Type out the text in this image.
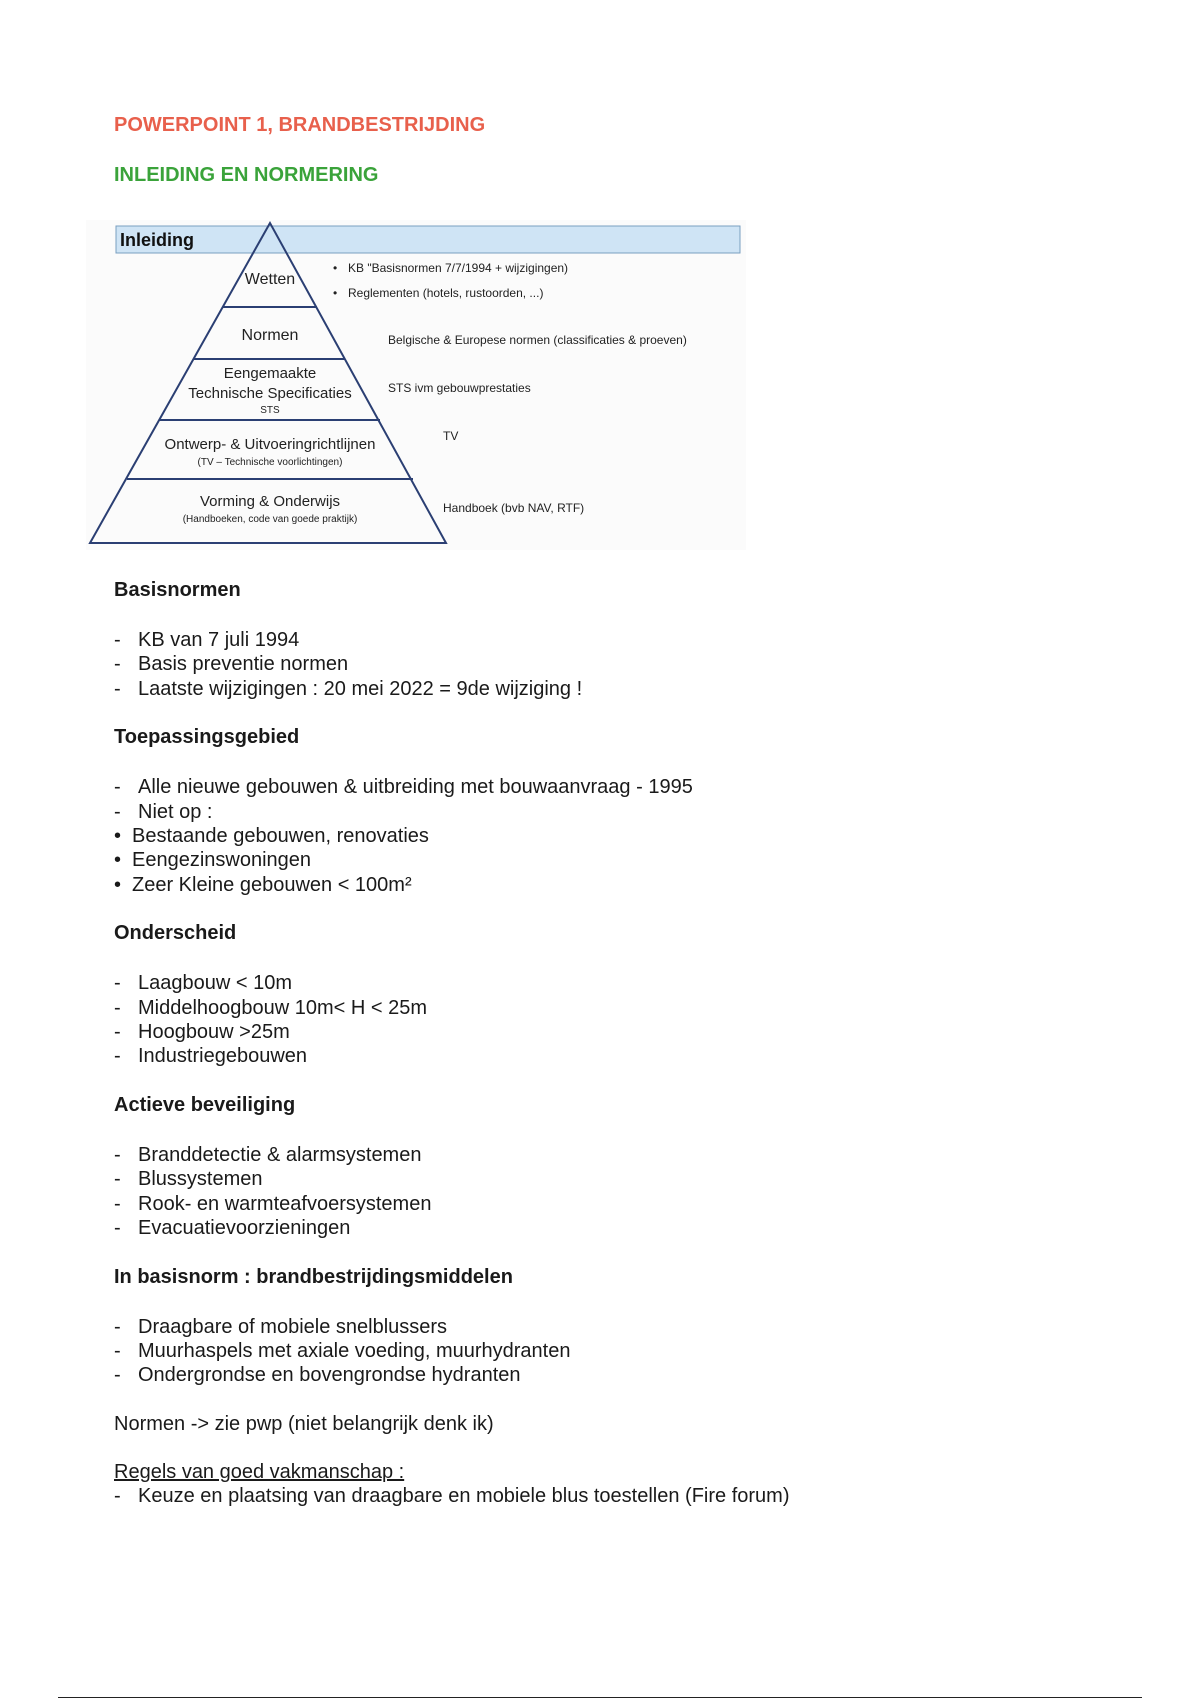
POWERPOINT 1, BRANDBESTRIJDING
INLEIDING EN NORMERING
Inleiding
Wetten
Normen
Eengemaakte
Technische Specificaties
STS
Ontwerp- & Uitvoeringrichtlijnen
(TV – Technische voorlichtingen)
Vorming & Onderwijs
(Handboeken, code van goede praktijk)
• KB "Basisnormen 7/7/1994 + wijzigingen)
• Reglementen (hotels, rustoorden, ...)
Belgische & Europese normen (classificaties & proeven)
STS ivm gebouwprestaties
TV
Handboek (bvb NAV, RTF)
Basisnormen
- KB van 7 juli 1994
- Basis preventie normen
- Laatste wijzigingen : 20 mei 2022 = 9de wijziging !
Toepassingsgebied
- Alle nieuwe gebouwen & uitbreiding met bouwaanvraag - 1995
- Niet op :
• Bestaande gebouwen, renovaties
• Eengezinswoningen
• Zeer Kleine gebouwen < 100m²
Onderscheid
- Laagbouw < 10m
- Middelhoogbouw 10m< H < 25m
- Hoogbouw >25m
- Industriegebouwen
Actieve beveiliging
- Branddetectie & alarmsystemen
- Blussystemen
- Rook- en warmteafvoersystemen
- Evacuatievoorzieningen
In basisnorm : brandbestrijdingsmiddelen
- Draagbare of mobiele snelblussers
- Muurhaspels met axiale voeding, muurhydranten
- Ondergrondse en bovengrondse hydranten
Normen -> zie pwp (niet belangrijk denk ik)
Regels van goed vakmanschap :
- Keuze en plaatsing van draagbare en mobiele blus toestellen (Fire forum)
